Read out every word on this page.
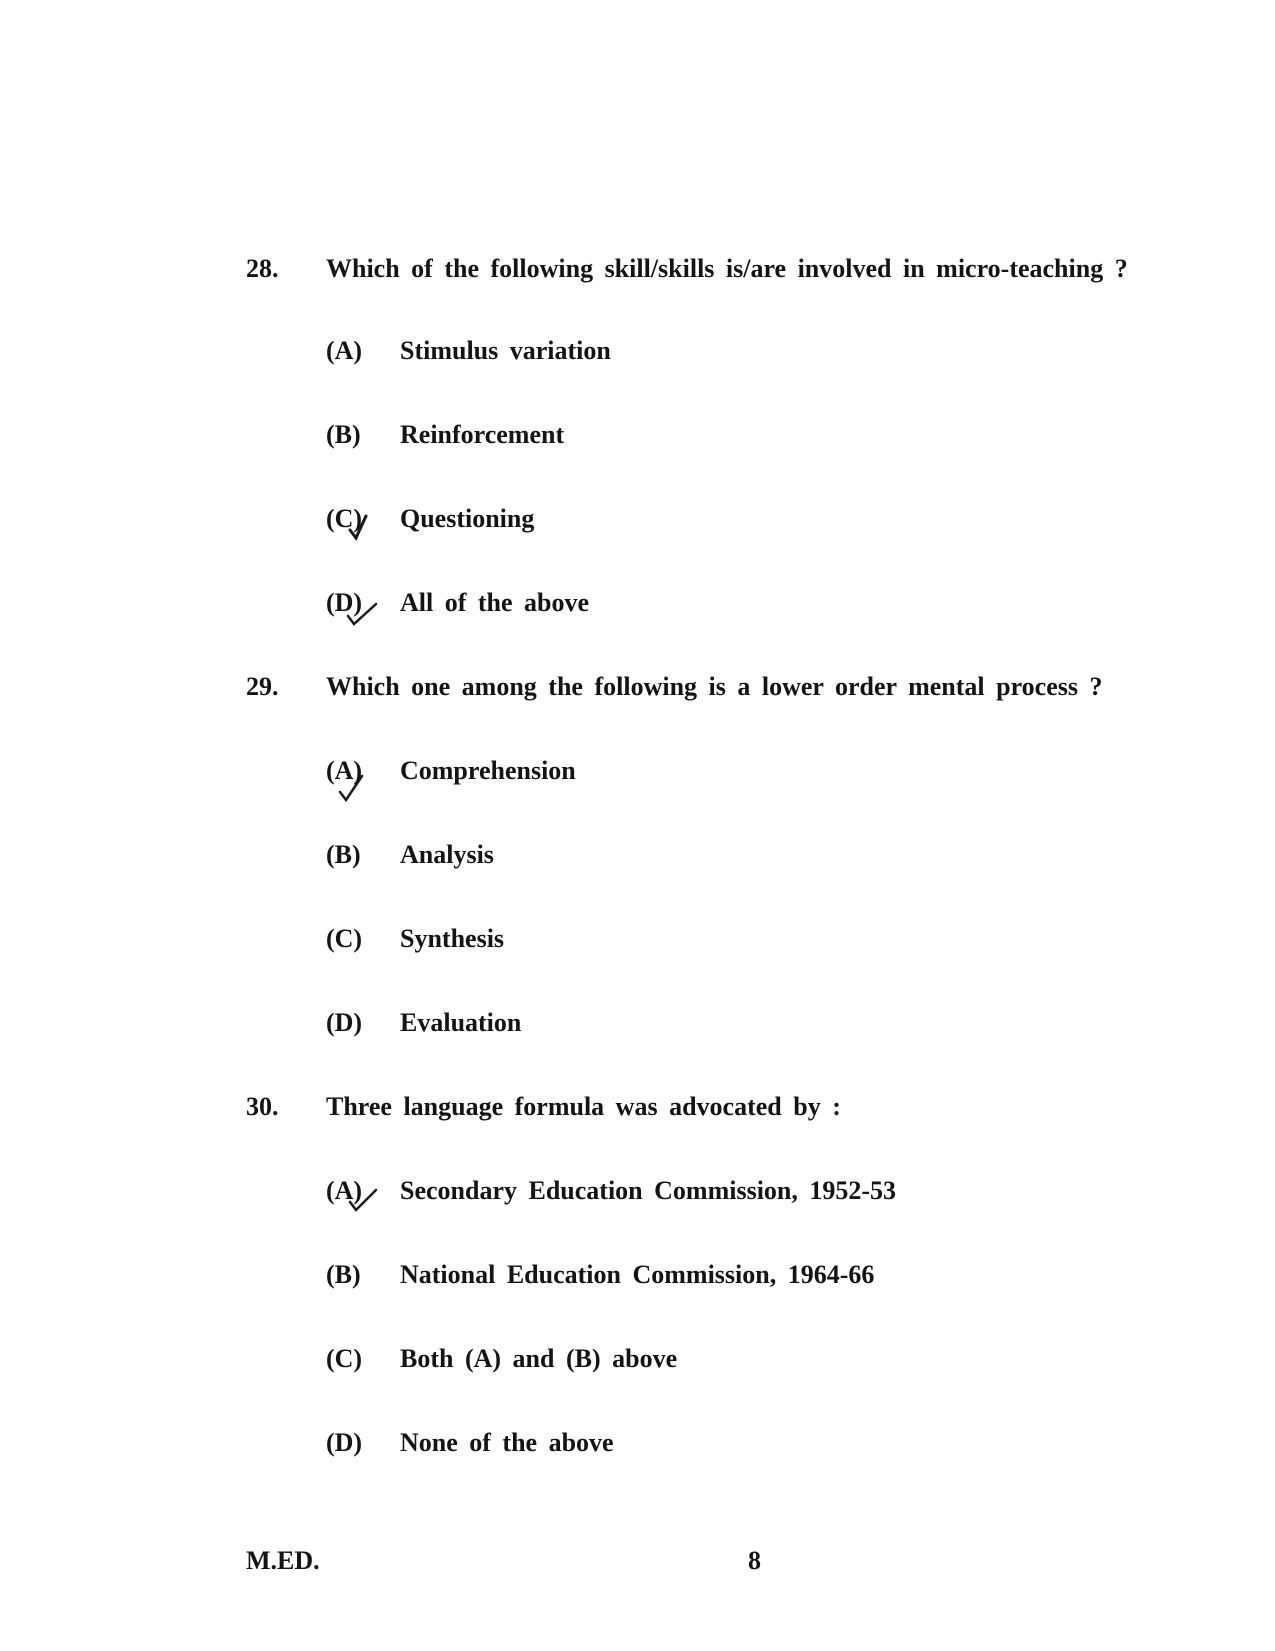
28. Which of the following skill/skills is/are involved in micro-teaching ?
(A) Stimulus variation
(B) Reinforcement
(C) Questioning
(D) All of the above
29. Which one among the following is a lower order mental process ?
(A) Comprehension
(B) Analysis
(C) Synthesis
(D) Evaluation
30. Three language formula was advocated by :
(A) Secondary Education Commission, 1952-53
(B) National Education Commission, 1964-66
(C) Both (A) and (B) above
(D) None of the above
M.ED.	8
